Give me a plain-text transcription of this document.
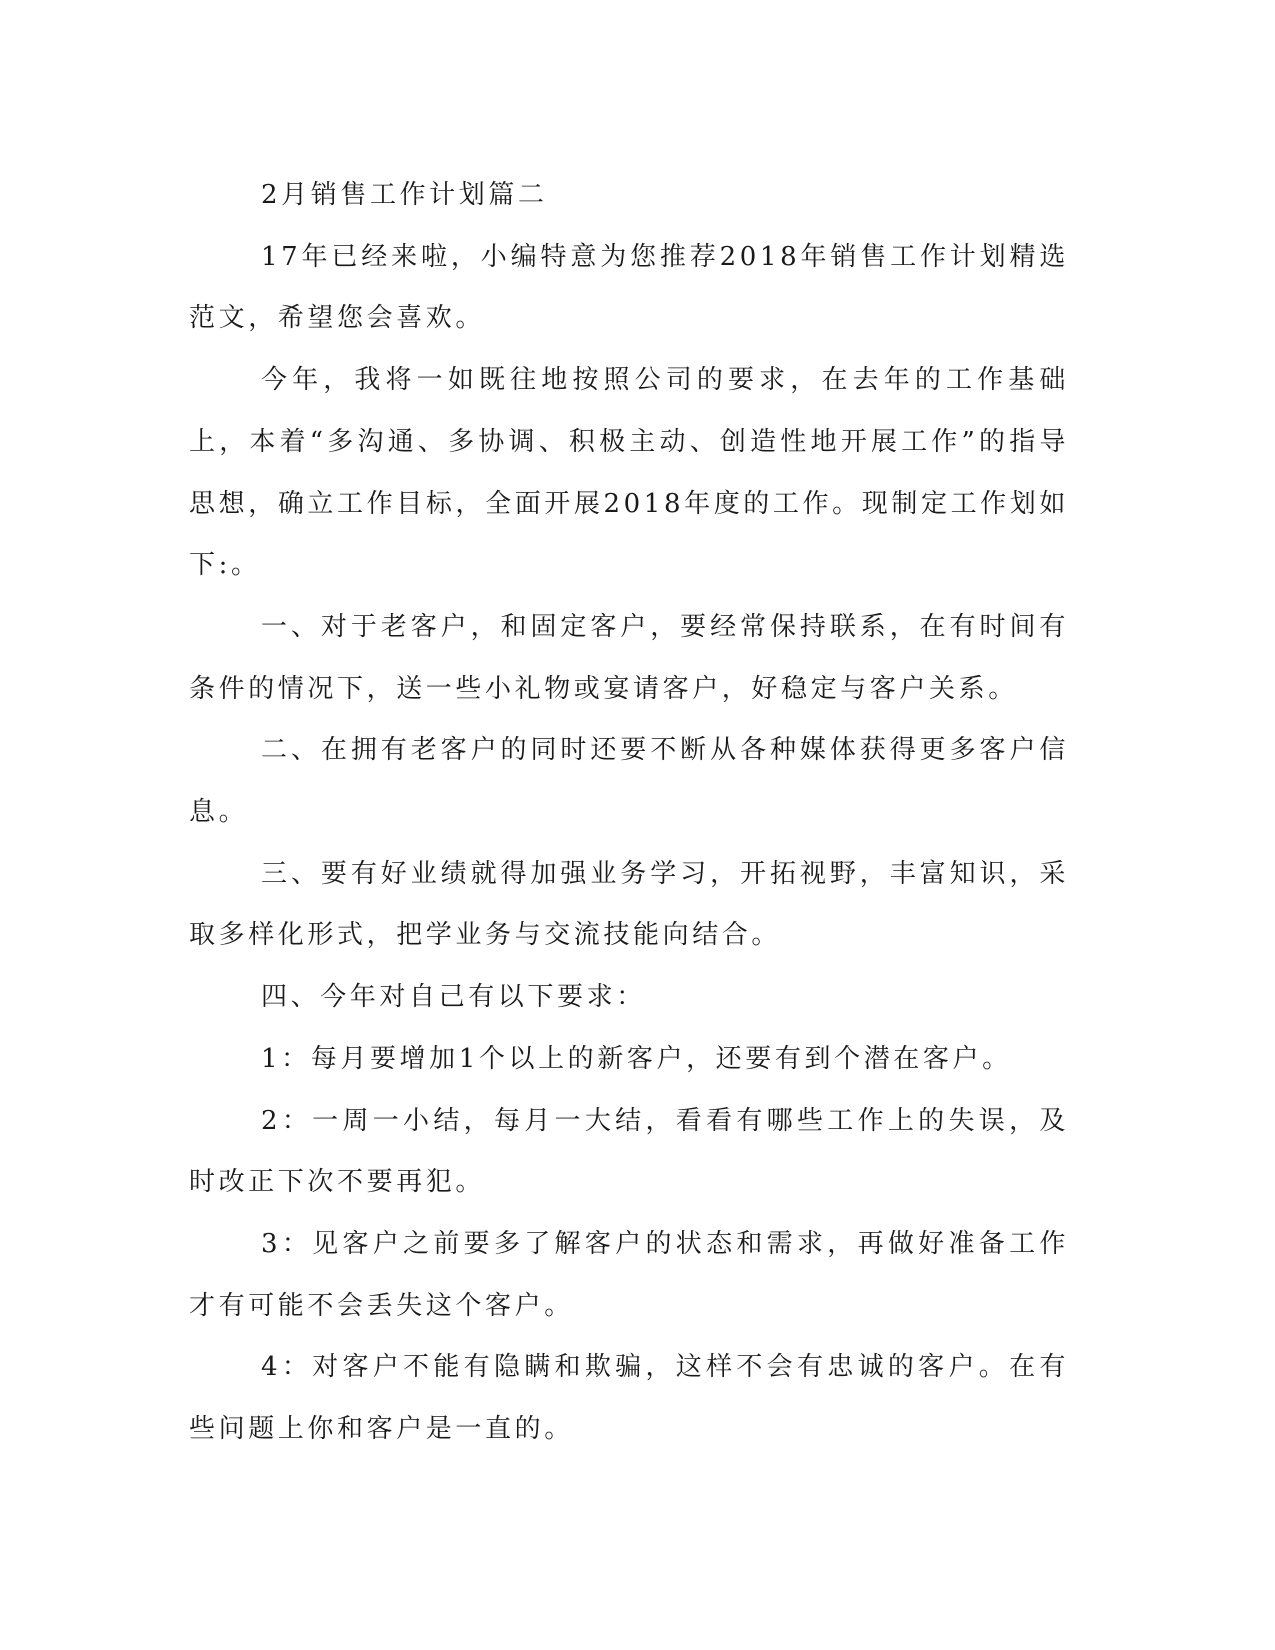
2月销售工作计划篇二

17年已经来啦，小编特意为您推荐2018年销售工作计划精选范文，希望您会喜欢。

今年，我将一如既往地按照公司的要求，在去年的工作基础上，本着“多沟通、多协调、积极主动、创造性地开展工作”的指导思想，确立工作目标，全面开展2018年度的工作。现制定工作划如下:。

一、对于老客户，和固定客户，要经常保持联系，在有时间有条件的情况下，送一些小礼物或宴请客户，好稳定与客户关系。

二、在拥有老客户的同时还要不断从各种媒体获得更多客户信息。

三、要有好业绩就得加强业务学习，开拓视野，丰富知识，采取多样化形式，把学业务与交流技能向结合。

四、今年对自己有以下要求：

1：每月要增加1个以上的新客户，还要有到个潜在客户。

2：一周一小结，每月一大结，看看有哪些工作上的失误，及时改正下次不要再犯。

3：见客户之前要多了解客户的状态和需求，再做好准备工作才有可能不会丢失这个客户。

4：对客户不能有隐瞒和欺骗，这样不会有忠诚的客户。在有些问题上你和客户是一直的。
